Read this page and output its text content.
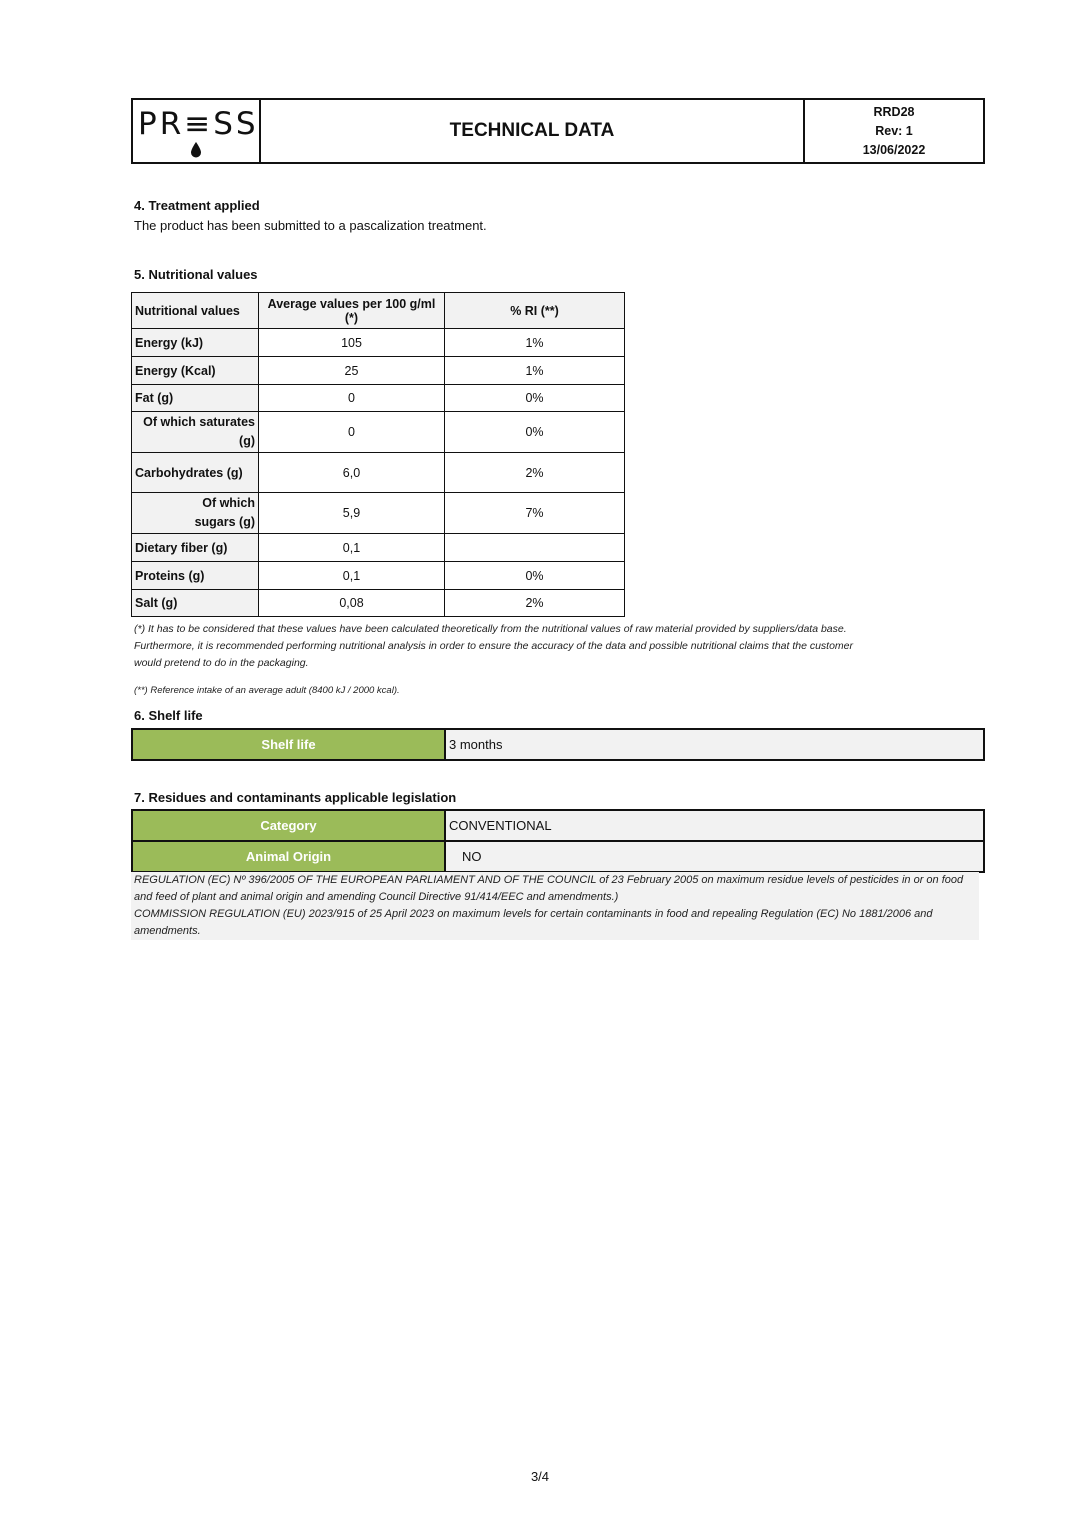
PR≡SS	TECHNICAL DATA
RRD28
Rev: 1
13/06/2022
4. Treatment applied
The product has been submitted to a pascalization treatment.
5. Nutritional values
Nutritional values	Average values per 100 g/ml (*)	% RI (**)
Energy (kJ)	105	1%
Energy (Kcal)	25	1%
Fat (g)	0	0%
Of which saturates
(g)	0	0%
Carbohydrates (g)	6,0	2%
Of which
sugars (g)	5,9	7%
Dietary fiber (g)	0,1	
Proteins (g)	0,1	0%
Salt (g)	0,08	2%
(*) It has to be considered that these values have been calculated theoretically from the nutritional values of raw material provided by suppliers/data base.
Furthermore, it is recommended performing nutritional analysis in order to ensure the accuracy of the data and possible nutritional claims that the customer
would pretend to do in the packaging.
(**) Reference intake of an average adult (8400 kJ / 2000 kcal).
6. Shelf life
Shelf life	3 months
7. Residues and contaminants applicable legislation
Category	CONVENTIONAL
Animal Origin	NO
REGULATION (EC) Nº 396/2005 OF THE EUROPEAN PARLIAMENT AND OF THE COUNCIL of 23 February 2005 on maximum residue levels of pesticides in or on food
and feed of plant and animal origin and amending Council Directive 91/414/EEC and amendments.)
COMMISSION REGULATION (EU) 2023/915 of 25 April 2023 on maximum levels for certain contaminants in food and repealing Regulation (EC) No 1881/2006 and
amendments.
3/4
